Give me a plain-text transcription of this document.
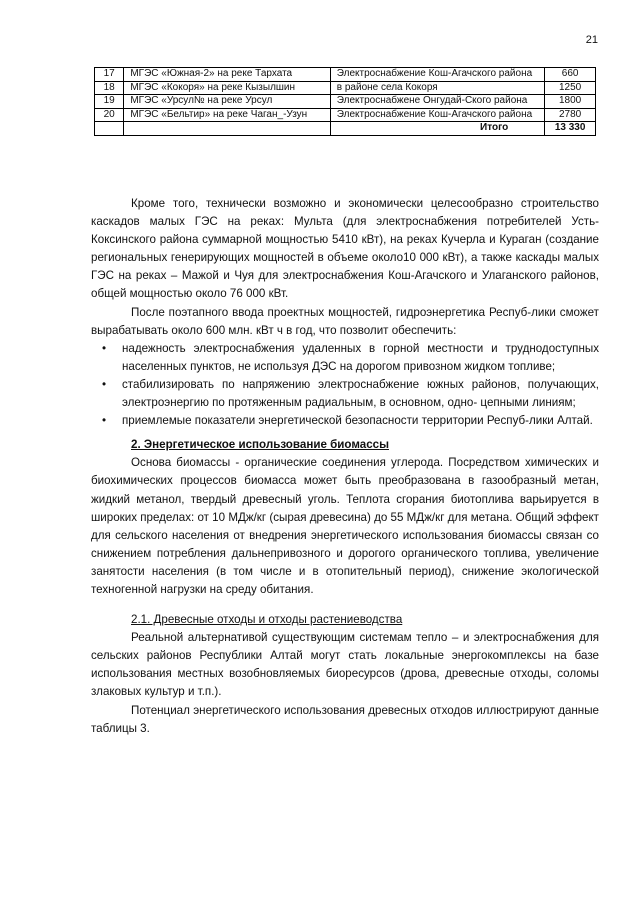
21
17	МГЭС «Южная-2» на реке Тархата	Электроснабжение Кош-Агачского района	660
18	МГЭС «Кокоря» на реке Кызылшин	в районе села Кокоря	1250
19	МГЭС «Урсул№ на реке Урсул	Электроснабжене Онгудай-Ского района	1800
20	МГЭС «Бельтир» на реке Чаган_-Узун	Электроснабжение Кош-Агачского района	2780
		Итого	13 330

Кроме того, технически возможно и экономически целесообразно строительство каскадов малых ГЭС на реках: Мульта (для электроснабжения потребителей Усть-Коксинского района суммарной мощностью 5410 кВт), на реках Кучерла и Кураган (создание региональных генерирующих мощностей в объеме около10 000 кВт), а также каскады малых ГЭС на реках – Мажой и Чуя для электроснабжения Кош-Агачского и Улаганского районов, общей мощностью около 76 000 кВт.

После поэтапного ввода проектных мощностей, гидроэнергетика Респуб-лики сможет вырабатывать около 600 млн. кВт ч в год, что позволит обеспечить:

• надежность электроснабжения удаленных в горной местности и труднодоступных населенных пунктов, не используя ДЭС на дорогом привозном жидком топливе;
• стабилизировать по напряжению электроснабжение южных районов, получающих, электроэнергию по протяженным радиальным, в основном, одно- цепными линиям;
• приемлемые показатели энергетической безопасности территории Респуб-лики Алтай.
2. Энергетическое использование биомассы

Основа биомассы - органические соединения углерода. Посредством химических и биохимических процессов биомасса может быть преобразована в газообразный метан, жидкий метанол, твердый древесный уголь. Теплота сгорания биотоплива варьируется в широких пределах: от 10 МДж/кг (сырая древесина) до 55 МДж/кг для метана. Общий эффект для сельского населения от внедрения энергетического использования биомассы связан со снижением потребления дальнепривозного и дорогого органического топлива, увеличение занятости населения (в том числе и в отопительный период), снижение экологической техногенной нагрузки на среду обитания.

2.1. Древесные отходы и отходы растениеводства

Реальной альтернативой существующим системам тепло – и электроснабжения для сельских районов Республики Алтай могут стать локальные энергокомплексы на базе использования местных возобновляемых биоресурсов (дрова, древесные отходы, соломы злаковых культур и т.п.).

Потенциал энергетического использования древесных отходов иллюстрируют данные таблицы 3.
